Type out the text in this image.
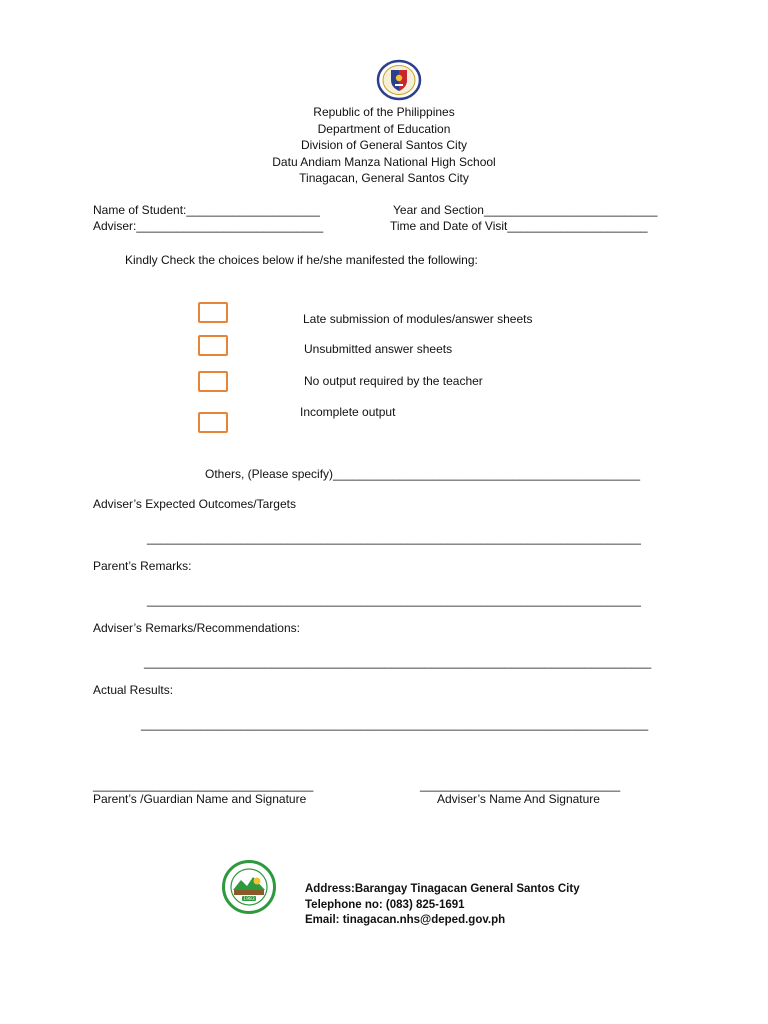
Republic of the Philippines
Department of Education
Division of General Santos City
Datu Andiam Manza National High School
Tinagacan, General Santos City
Name of Student:____________________
Adviser:____________________________
Year and Section__________________________
Time and Date of Visit_____________________
Kindly Check the choices below if he/she manifested the following:
Late submission of modules/answer sheets
Unsubmitted answer sheets
No output required by the teacher
Incomplete output
Others, (Please specify)______________________________________________
Adviser’s Expected Outcomes/Targets
__________________________________________________________________________
Parent’s Remarks:
__________________________________________________________________________
Adviser’s Remarks/Recommendations:
____________________________________________________________________________
Actual Results:
____________________________________________________________________________
_________________________________
Parent’s /Guardian Name and Signature
______________________________
Adviser’s Name And Signature
1983
Address:Barangay Tinagacan General Santos City
Telephone no: (083) 825-1691
Email: tinagacan.nhs@deped.gov.ph
